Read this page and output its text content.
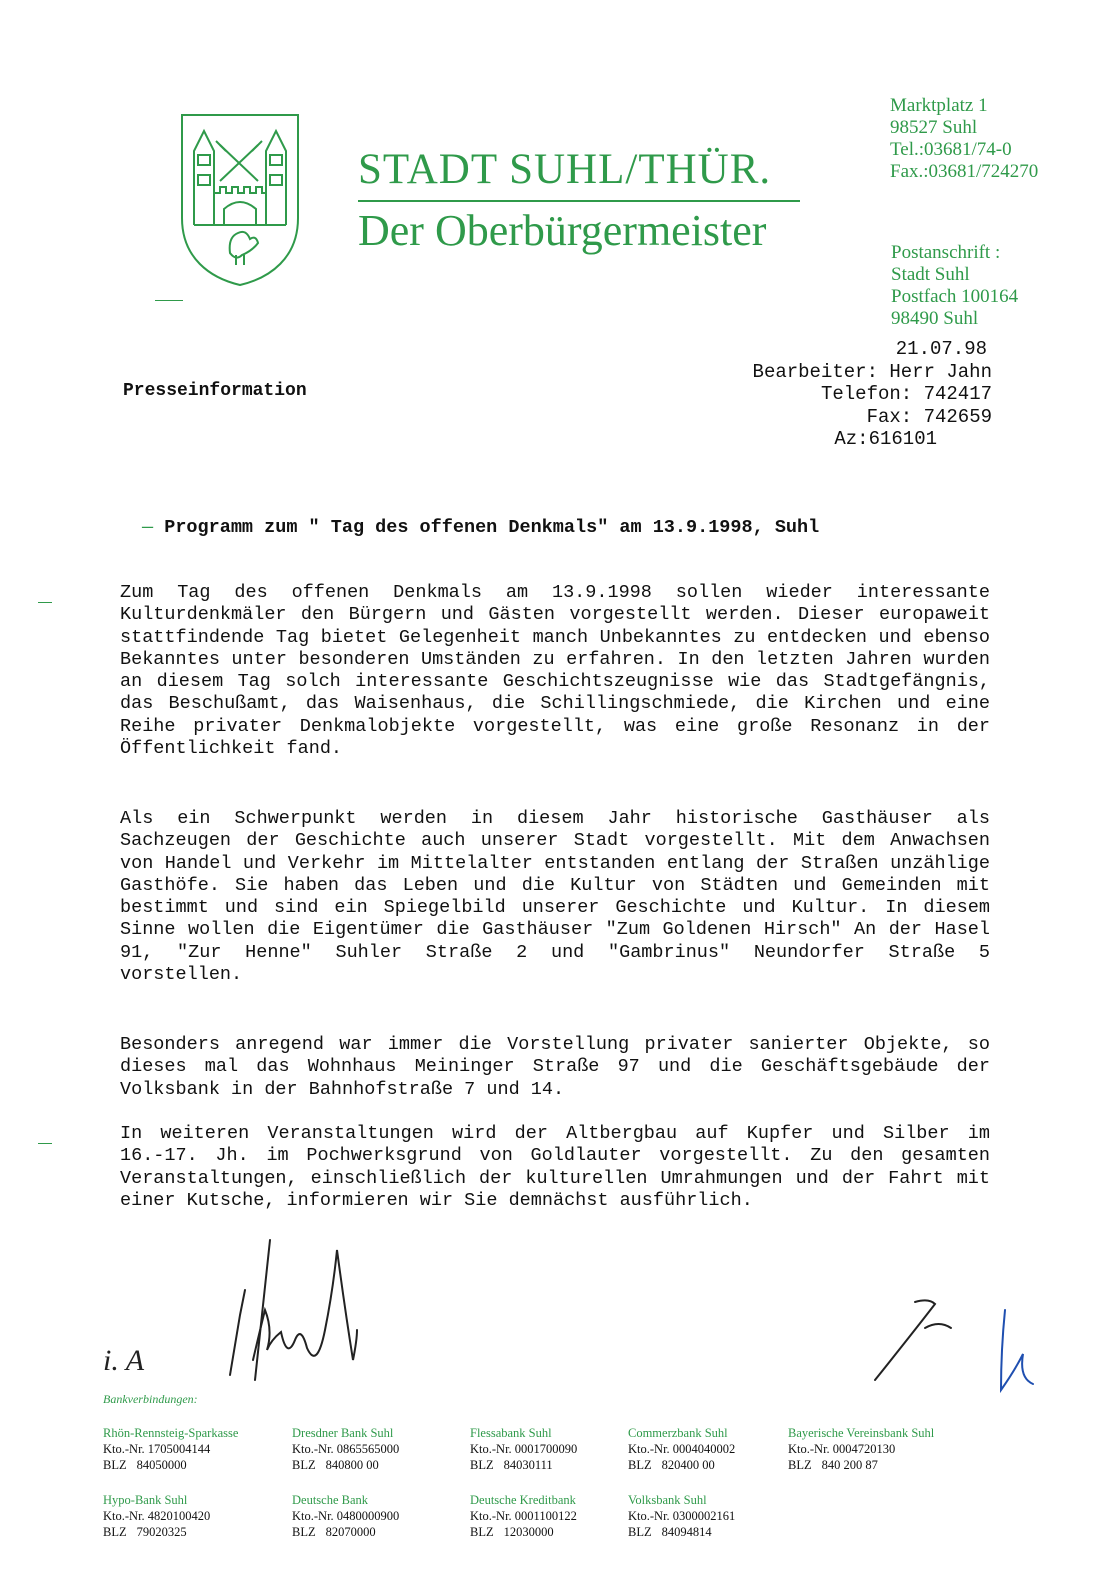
STADT SUHL/THÜR.
Der Oberbürgermeister
Marktplatz 1
98527 Suhl
Tel.:03681/74-0
Fax.:03681/724270
Postanschrift :
Stadt Suhl
Postfach 100164
98490 Suhl
Presseinformation
21.07.98
Bearbeiter: Herr Jahn
Telefon: 742417
Fax: 742659
Az:616101
— Programm zum " Tag des offenen Denkmals" am 13.9.1998, Suhl
Zum Tag des offenen Denkmals am 13.9.1998 sollen wieder interessante Kulturdenkmäler den Bürgern und Gästen vorgestellt werden. Dieser europaweit stattfindende Tag bietet Gelegenheit manch Unbekanntes zu entdecken und ebenso Bekanntes unter besonderen Umständen zu erfahren. In den letzten Jahren wurden an diesem Tag solch interessante Geschichtszeugnisse wie das Stadtgefängnis, das Beschußamt, das Waisenhaus, die Schillingschmiede, die Kirchen und eine Reihe privater Denkmalobjekte vorgestellt, was eine große Resonanz in der Öffentlichkeit fand.
Als ein Schwerpunkt werden in diesem Jahr historische Gasthäuser als Sachzeugen der Geschichte auch unserer Stadt vorgestellt. Mit dem Anwachsen von Handel und Verkehr im Mittelalter entstanden entlang der Straßen unzählige Gasthöfe. Sie haben das Leben und die Kultur von Städten und Gemeinden mit bestimmt und sind ein Spiegelbild unserer Geschichte und Kultur. In diesem Sinne wollen die Eigentümer die Gasthäuser "Zum Goldenen Hirsch" An der Hasel 91, "Zur Henne" Suhler Straße 2 und "Gambrinus" Neundorfer Straße 5 vorstellen.
Besonders anregend war immer die Vorstellung privater sanierter Objekte, so dieses mal das Wohnhaus Meininger Straße 97 und die Geschäftsgebäude der Volksbank in der Bahnhofstraße 7 und 14.
In weiteren Veranstaltungen wird der Altbergbau auf Kupfer und Silber im 16.-17. Jh. im Pochwerksgrund von Goldlauter vorgestellt. Zu den gesamten Veranstaltungen, einschließlich der kulturellen Umrahmungen und der Fahrt mit einer Kutsche, informieren wir Sie demnächst ausführlich.
i. A
Bankverbindungen:
Rhön-Rennsteig-Sparkasse
Kto.-Nr. 1705004144
BLZ 84050000
Dresdner Bank Suhl
Kto.-Nr. 0865565000
BLZ 840800 00
Flessabank Suhl
Kto.-Nr. 0001700090
BLZ 84030111
Commerzbank Suhl
Kto.-Nr. 0004040002
BLZ 820400 00
Bayerische Vereinsbank Suhl
Kto.-Nr. 0004720130
BLZ 840 200 87
Hypo-Bank Suhl
Kto.-Nr. 4820100420
BLZ 79020325
Deutsche Bank
Kto.-Nr. 0480000900
BLZ 82070000
Deutsche Kreditbank
Kto.-Nr. 0001100122
BLZ 12030000
Volksbank Suhl
Kto.-Nr. 0300002161
BLZ 84094814
